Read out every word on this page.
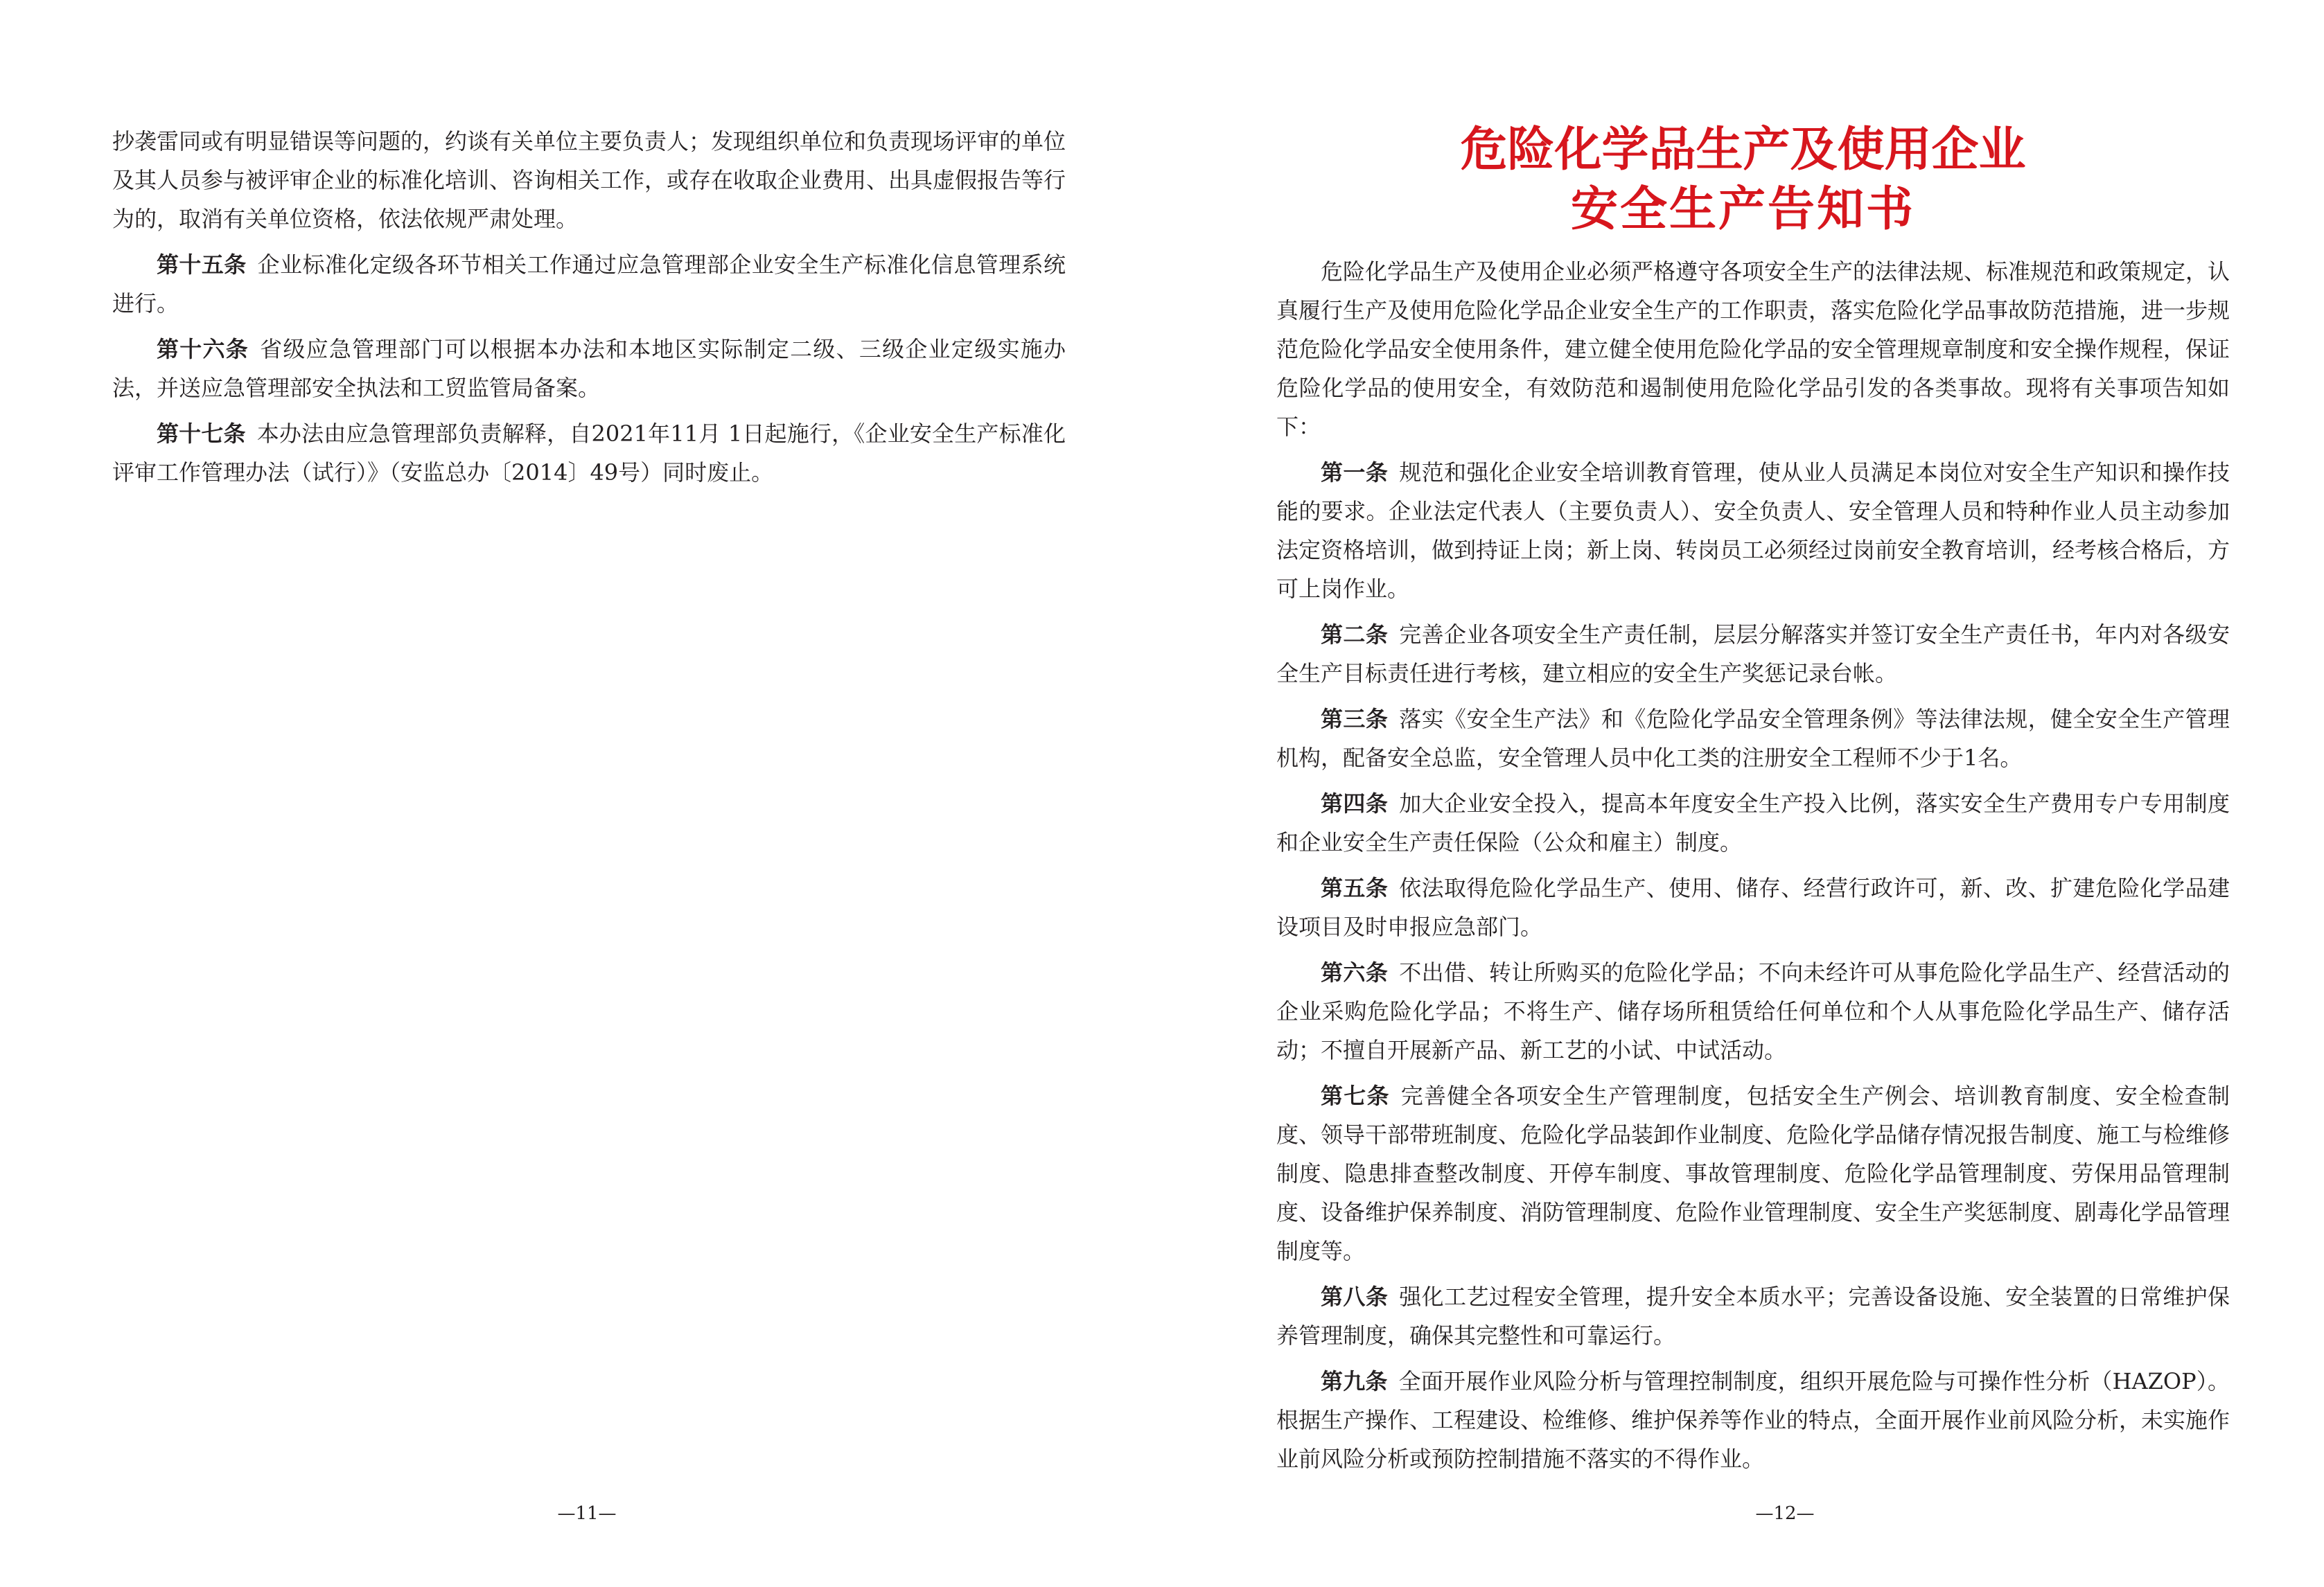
抄袭雷同或有明显错误等问题的，约谈有关单位主要负责人；发现组织单位和负责现场评审的单位及其人员参与被评审企业的标准化培训、咨询相关工作，或存在收取企业费用、出具虚假报告等行为的，取消有关单位资格，依法依规严肃处理。

第十五条 企业标准化定级各环节相关工作通过应急管理部企业安全生产标准化信息管理系统进行。

第十六条 省级应急管理部门可以根据本办法和本地区实际制定二级、三级企业定级实施办法，并送应急管理部安全执法和工贸监管局备案。

第十七条 本办法由应急管理部负责解释，自2021年11月 1日起施行，《企业安全生产标准化评审工作管理办法（试行）》（安监总办〔2014〕49号）同时废止。

—11—
危险化学品生产及使用企业
安全生产告知书

危险化学品生产及使用企业必须严格遵守各项安全生产的法律法规、标准规范和政策规定，认真履行生产及使用危险化学品企业安全生产的工作职责，落实危险化学品事故防范措施，进一步规范危险化学品安全使用条件，建立健全使用危险化学品的安全管理规章制度和安全操作规程，保证危险化学品的使用安全，有效防范和遏制使用危险化学品引发的各类事故。现将有关事项告知如下：

第一条 规范和强化企业安全培训教育管理，使从业人员满足本岗位对安全生产知识和操作技能的要求。企业法定代表人（主要负责人）、安全负责人、安全管理人员和特种作业人员主动参加法定资格培训，做到持证上岗；新上岗、转岗员工必须经过岗前安全教育培训，经考核合格后，方可上岗作业。

第二条 完善企业各项安全生产责任制，层层分解落实并签订安全生产责任书，年内对各级安全生产目标责任进行考核，建立相应的安全生产奖惩记录台帐。

第三条 落实《安全生产法》和《危险化学品安全管理条例》等法律法规，健全安全生产管理机构，配备安全总监，安全管理人员中化工类的注册安全工程师不少于1名。

第四条 加大企业安全投入，提高本年度安全生产投入比例，落实安全生产费用专户专用制度和企业安全生产责任保险（公众和雇主）制度。

第五条 依法取得危险化学品生产、使用、储存、经营行政许可，新、改、扩建危险化学品建设项目及时申报应急部门。

第六条 不出借、转让所购买的危险化学品；不向未经许可从事危险化学品生产、经营活动的企业采购危险化学品；不将生产、储存场所租赁给任何单位和个人从事危险化学品生产、储存活动；不擅自开展新产品、新工艺的小试、中试活动。

第七条 完善健全各项安全生产管理制度，包括安全生产例会、培训教育制度、安全检查制度、领导干部带班制度、危险化学品装卸作业制度、危险化学品储存情况报告制度、施工与检维修制度、隐患排查整改制度、开停车制度、事故管理制度、危险化学品管理制度、劳保用品管理制度、设备维护保养制度、消防管理制度、危险作业管理制度、安全生产奖惩制度、剧毒化学品管理制度等。

第八条 强化工艺过程安全管理，提升安全本质水平；完善设备设施、安全装置的日常维护保养管理制度，确保其完整性和可靠运行。

第九条 全面开展作业风险分析与管理控制制度，组织开展危险与可操作性分析（HAZOP）。根据生产操作、工程建设、检维修、维护保养等作业的特点，全面开展作业前风险分析，未实施作业前风险分析或预防控制措施不落实的不得作业。

—12—
